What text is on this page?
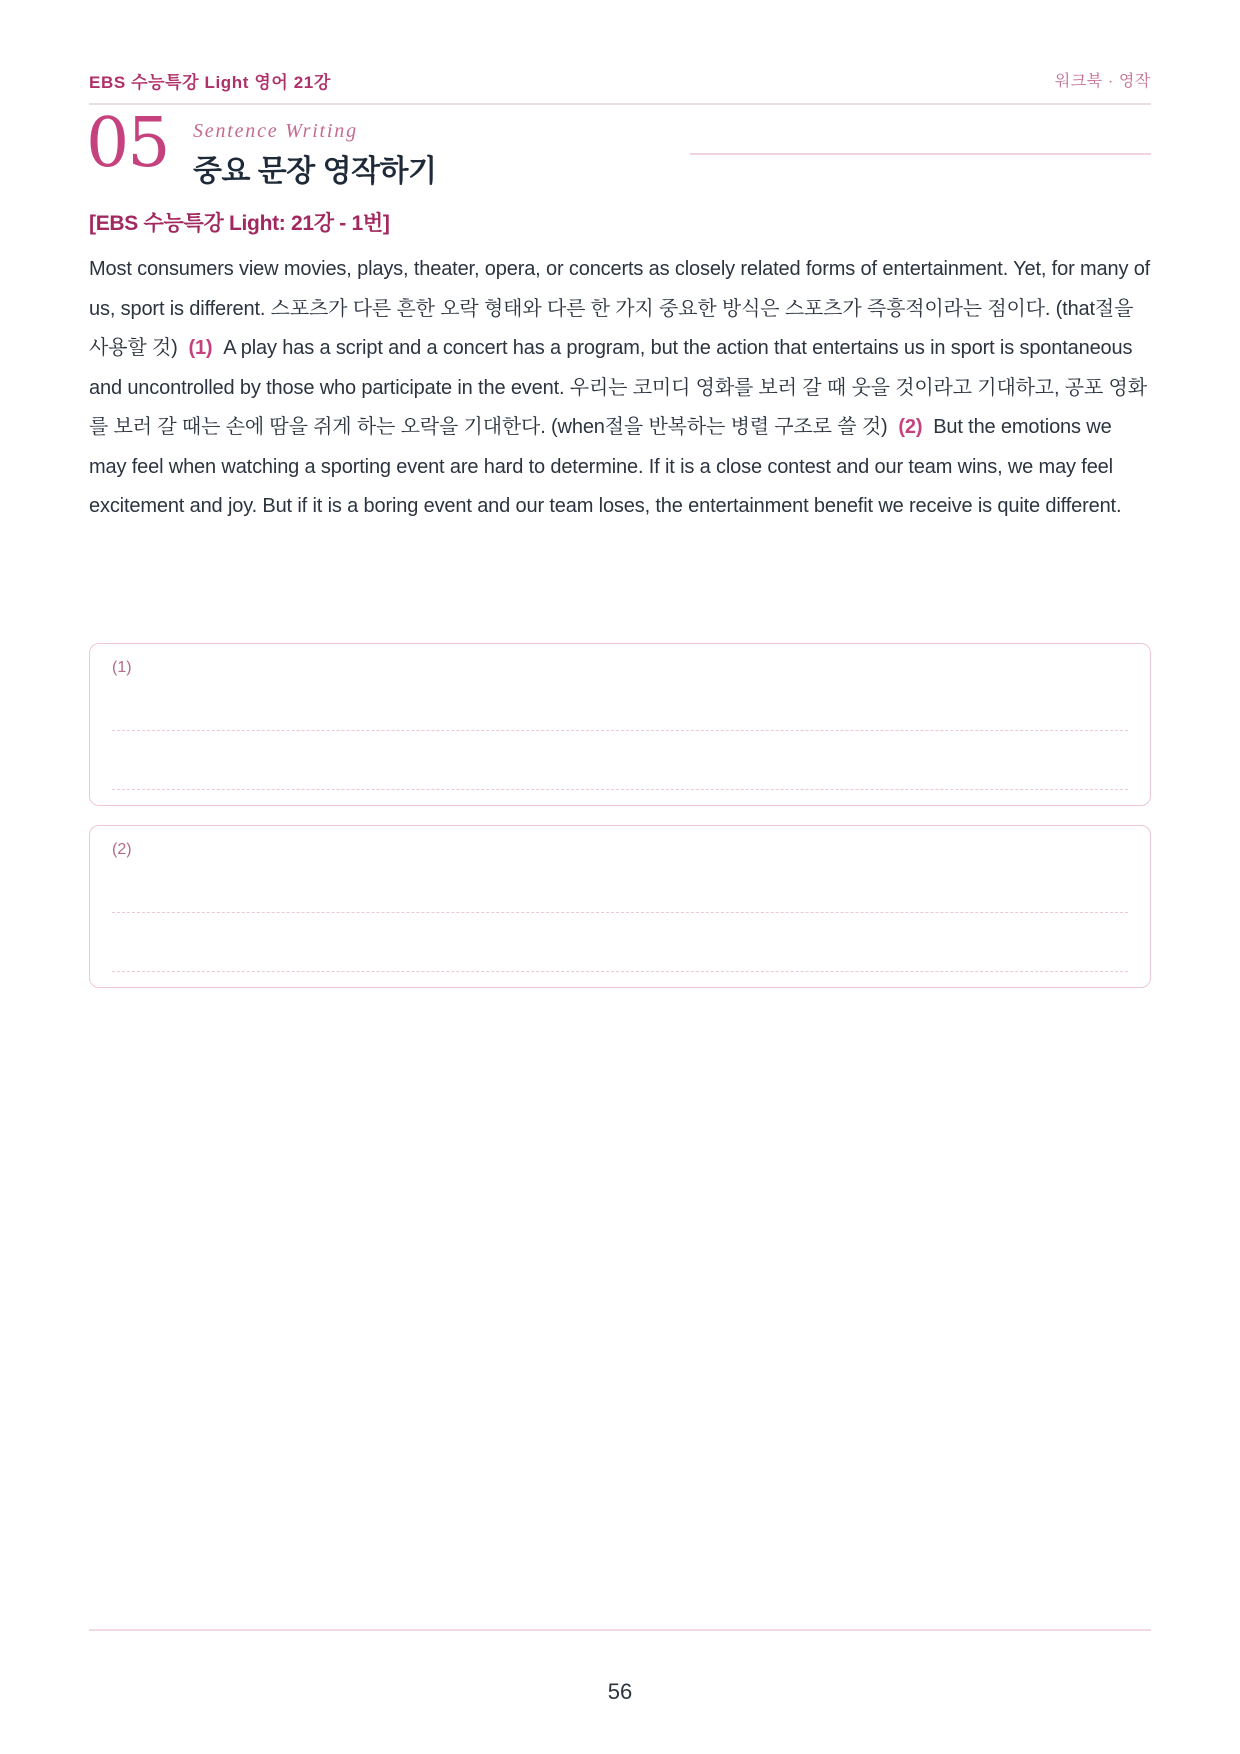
EBS 수능특강 Light 영어 21강	워크북 · 영작
05 Sentence Writing
중요 문장 영작하기
[EBS 수능특강 Light: 21강 - 1번]
Most consumers view movies, plays, theater, opera, or concerts as closely related forms of entertainment. Yet, for many of us, sport is different. 스포츠가 다른 흔한 오락 형태와 다른 한 가지 중요한 방식은 스포츠가 즉흥적이라는 점이다. (that절을 사용할 것) (1) A play has a script and a concert has a program, but the action that entertains us in sport is spontaneous and uncontrolled by those who participate in the event. 우리는 코미디 영화를 보러 갈 때 웃을 것이라고 기대하고, 공포 영화를 보러 갈 때는 손에 땀을 쥐게 하는 오락을 기대한다. (when절을 반복하는 병렬 구조로 쓸 것) (2) But the emotions we may feel when watching a sporting event are hard to determine. If it is a close contest and our team wins, we may feel excitement and joy. But if it is a boring event and our team loses, the entertainment benefit we receive is quite different.
(1)
(2)
56
